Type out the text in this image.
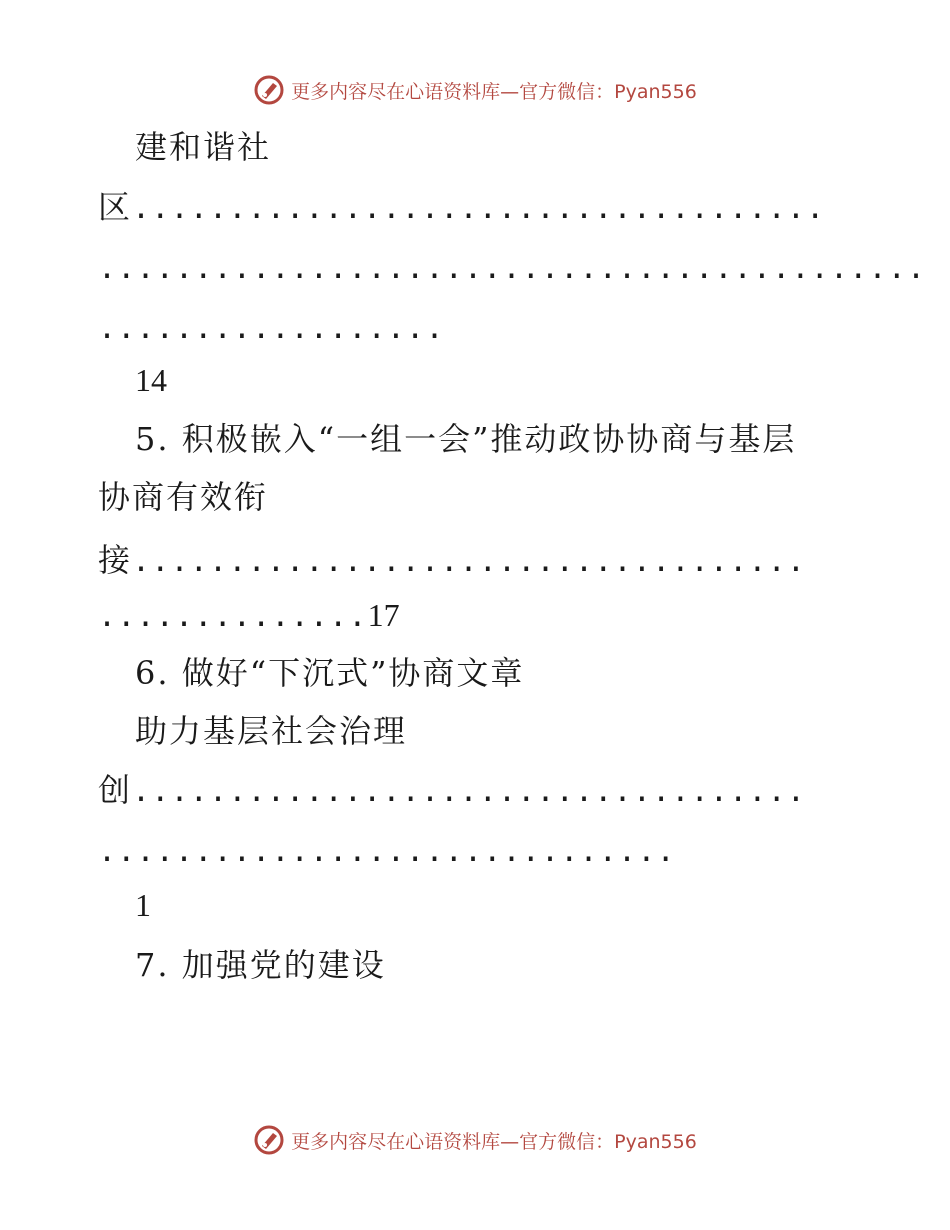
更多内容尽在心语资料库—官方微信：Pyan556
建和谐社
区....................................
...........................................
..................
14
5. 积极嵌入“一组一会”推动政协协商与基层
协商有效衔
接...................................
..............17
6. 做好“下沉式”协商文章
助力基层社会治理
创...................................
..............................
1
7. 加强党的建设
更多内容尽在心语资料库—官方微信：Pyan556
